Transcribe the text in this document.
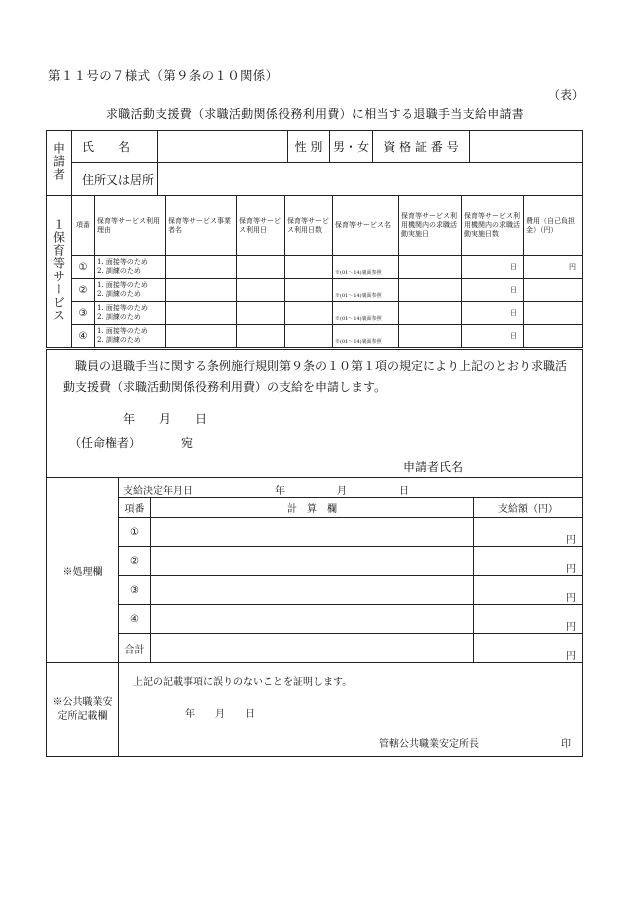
第１１号の７様式（第９条の１０関係）
（表）
求職活動支援費（求職活動関係役務利用費）に相当する退職手当支給申請書
申請者	氏　　名		性 別	男・女	資 格 証 番 号	
	住所又は居所					
１保育等サービス	項番	保育等サービス利用理由	保育等サービス事業者名	保育等サービス利用日	保育等サービス利用日数	保育等サービス名	保育等サービス利用機関内の求職活動実施日	保育等サービス利用機関内の求職活動実施日数	費用（自己負担金）（円）
	①	1. 面接等のため
2. 訓練のため				※(01～14)裏面参照		日	円
	②	1. 面接等のため
2. 訓練のため				※(01～14)裏面参照		日	
	③	1. 面接等のため
2. 訓練のため				※(01～14)裏面参照		日	
	④	1. 面接等のため
2. 訓練のため				※(01～14)裏面参照		日	
職員の退職手当に関する条例施行規則第９条の１０第１項の規定により上記のとおり求職活動支援費（求職活動関係役務利用費）の支給を申請します。
年　　月　　日
（任命権者）	宛
申請者氏名
※処理欄	支給決定年月日 年 月 日		

	項番	計　算　欄	支給額（円）
	①		円
	②		円
	③		円
	④		円
	合計		円
※公共職業安定所記載欄	
上記の記載事項に誤りのないことを証明します。
年　　月　　日
管轄公共職業安定所長	印
